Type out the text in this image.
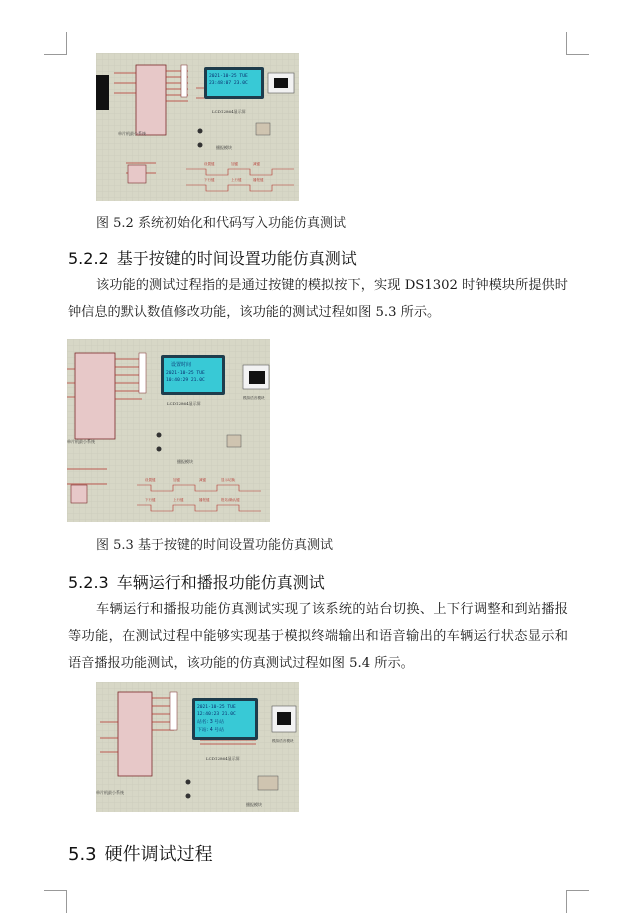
2021-10-25 TUE
23:48:07 23.0C
LCD12864显示屏
单片机最小系统
播报模块
设置键	加键	减键
下行键	上行键	播报键
图 5.2 系统初始化和代码写入功能仿真测试
5.2.2 基于按键的时间设置功能仿真测试
该功能的测试过程指的是通过按键的模拟按下，实现 DS1302 时钟模块所提供时钟信息的默认数值修改功能，该功能的测试过程如图 5.3 所示。
设置时间
2021-10-25 TUE
10:40:29 21.0C
LCD12864显示屏
模拟语音模块
单片机最小系统
播报模块
设置键	加键	减键	显示切换
下行键	上行键	播报键	报站/确认键
图 5.3 基于按键的时间设置功能仿真测试
5.2.3 车辆运行和播报功能仿真测试
车辆运行和播报功能仿真测试实现了该系统的站台切换、上下行调整和到站播报等功能，在测试过程中能够实现基于模拟终端输出和语音输出的车辆运行状态显示和语音播报功能测试，该功能的仿真测试过程如图 5.4 所示。
2021-10-25 TUE
12:40:23 21.0C
站名: 3 号站
下站: 4 号站
LCD12864显示屏
模拟语音模块
单片机最小系统
播报模块
5.3 硬件调试过程
